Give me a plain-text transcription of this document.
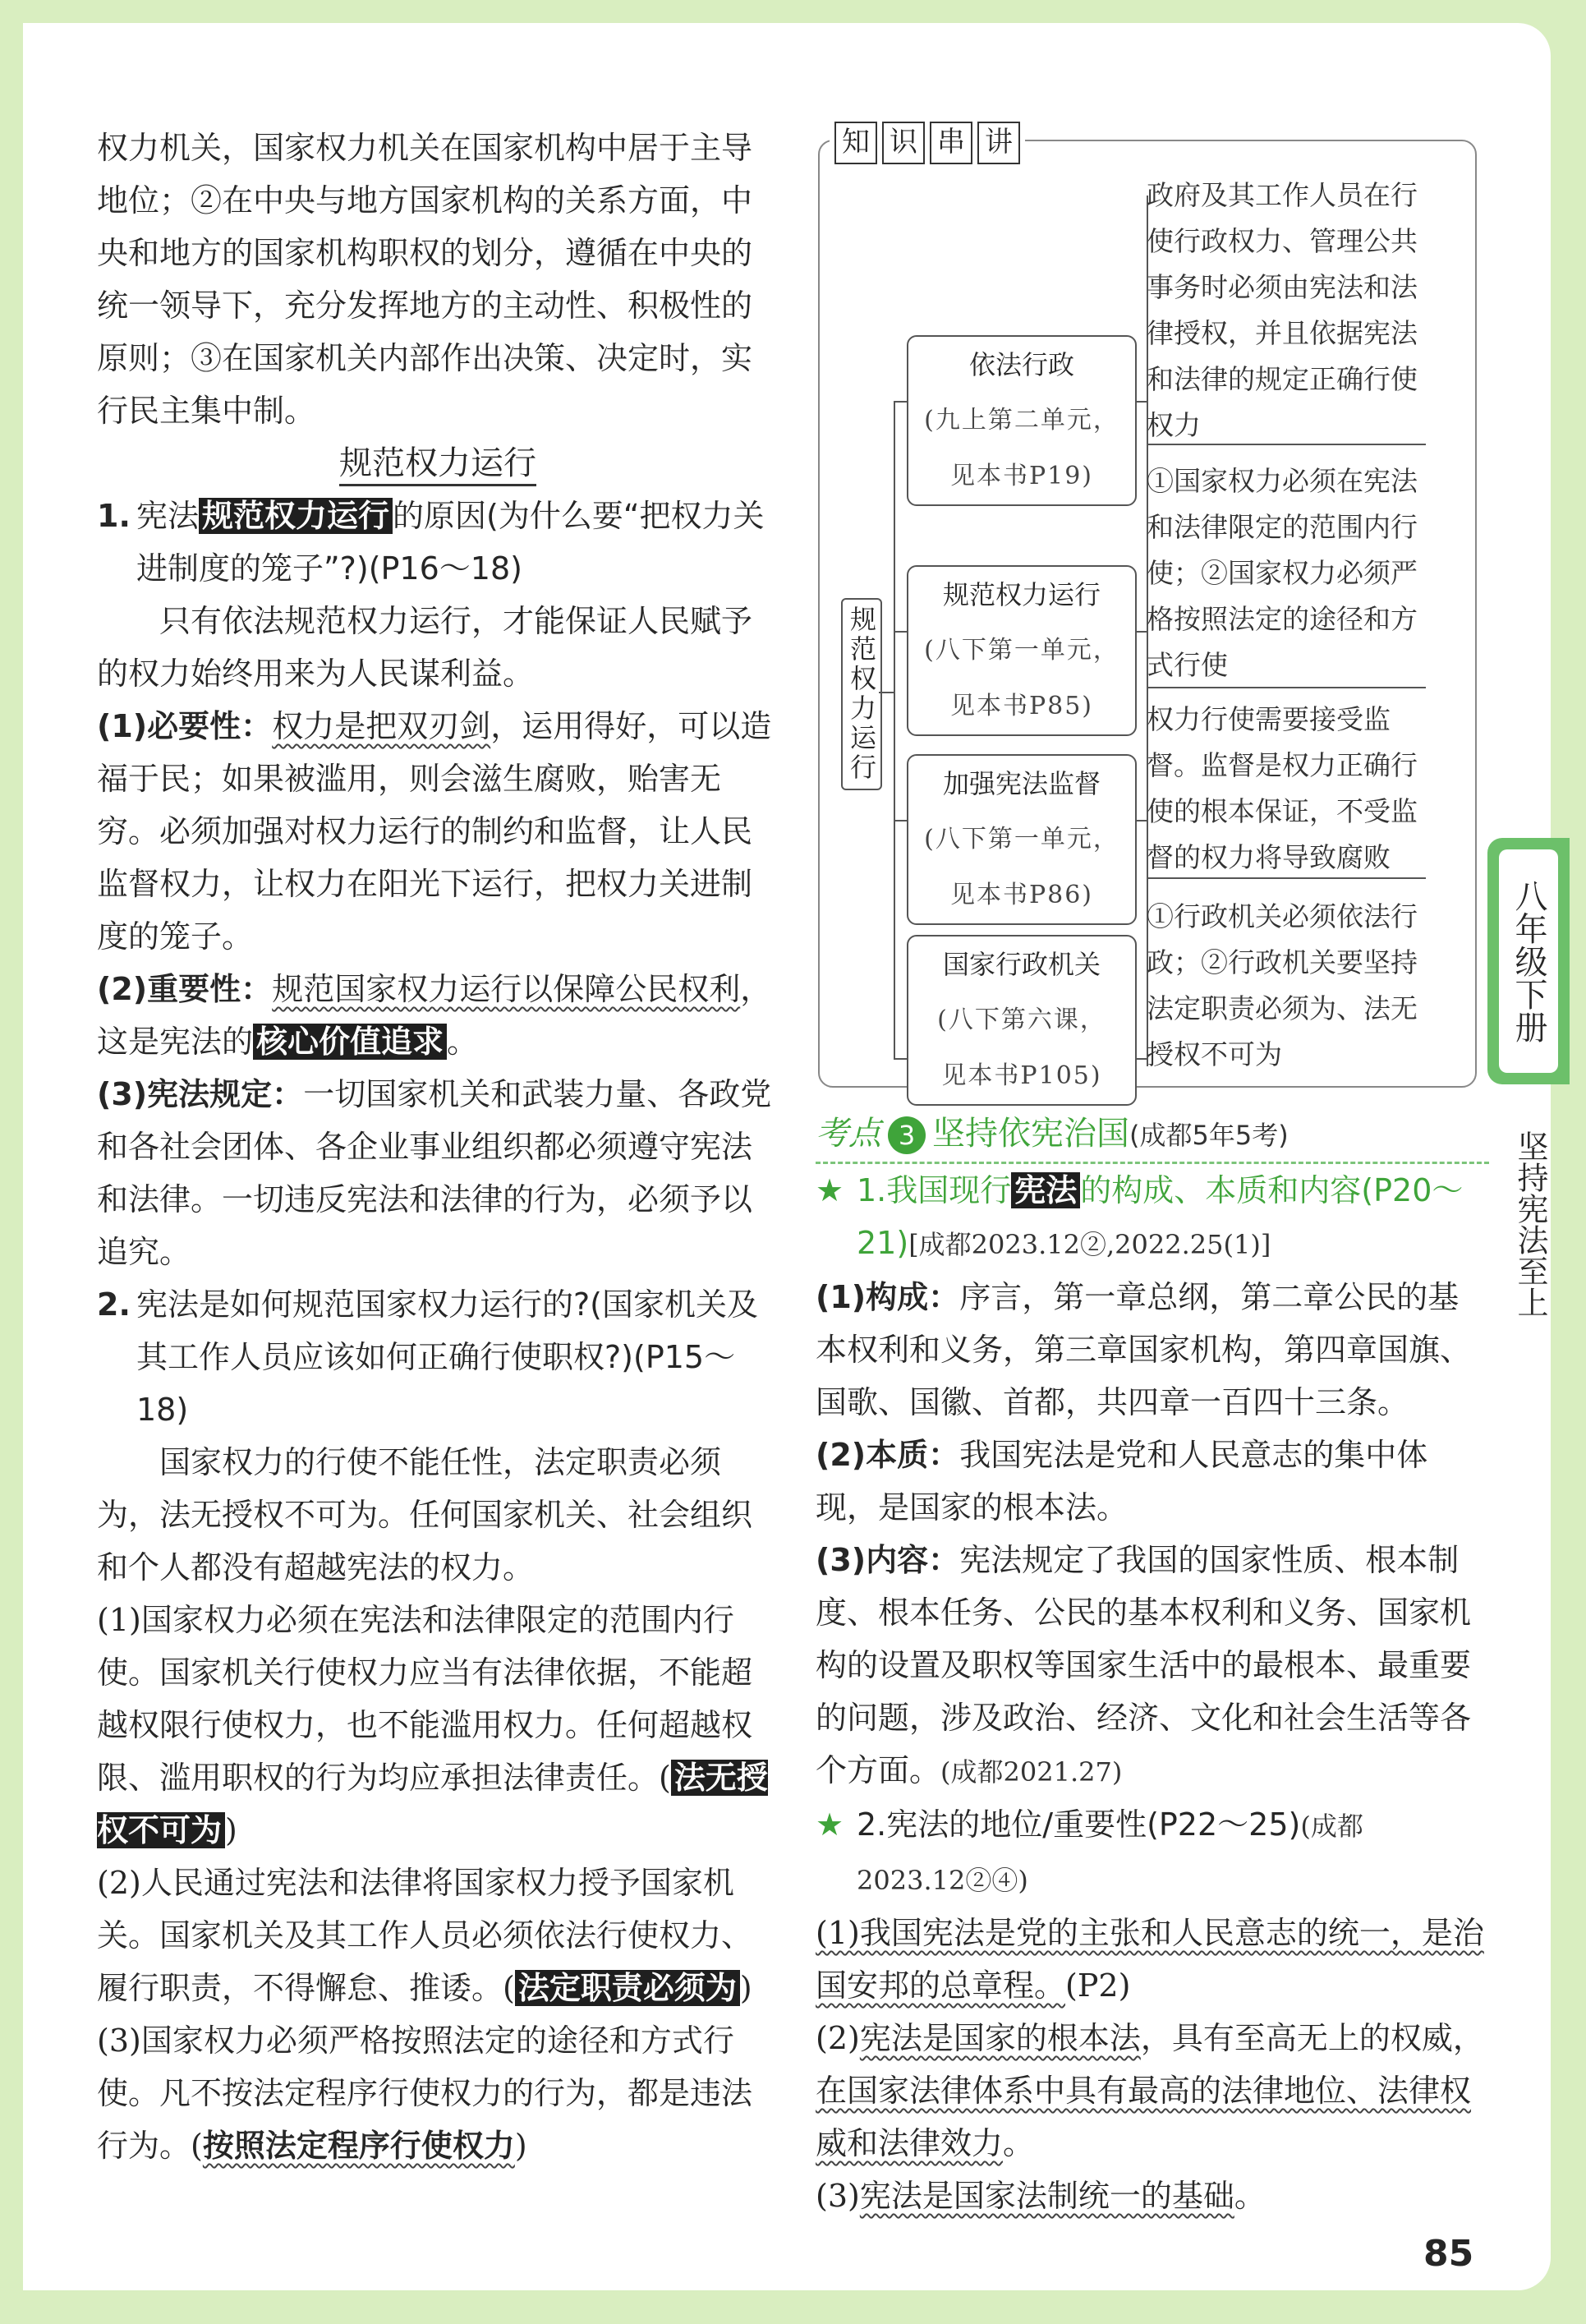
权力机关，国家权力机关在国家机构中居于主导地位；②在中央与地方国家机构的关系方面，中央和地方的国家机构职权的划分，遵循在中央的统一领导下，充分发挥地方的主动性、积极性的原则；③在国家机关内部作出决策、决定时，实行民主集中制。

规范权力运行

1. 宪法 规范权力运行 的原因(为什么要“把权力关进制度的笼子”?)(P16～18)

只有依法规范权力运行，才能保证人民赋予的权力始终用来为人民谋利益。

(1)必要性：权力是把双刃剑，运用得好，可以造福于民；如果被滥用，则会滋生腐败，贻害无穷。必须加强对权力运行的制约和监督，让人民监督权力，让权力在阳光下运行，把权力关进制度的笼子。

(2)重要性：规范国家权力运行以保障公民权利，这是宪法的 核心价值追求 。

(3)宪法规定：一切国家机关和武装力量、各政党和各社会团体、各企业事业组织都必须遵守宪法和法律。一切违反宪法和法律的行为，必须予以追究。

2. 宪法是如何规范国家权力运行的?(国家机关及其工作人员应该如何正确行使职权?)(P15～18)

国家权力的行使不能任性，法定职责必须为，法无授权不可为。任何国家机关、社会组织和个人都没有超越宪法的权力。

(1)国家权力必须在宪法和法律限定的范围内行使。国家机关行使权力应当有法律依据，不能超越权限行使权力，也不能滥用权力。任何超越权限、滥用职权的行为均应承担法律责任。( 法无授权不可为 )

(2)人民通过宪法和法律将国家权力授予国家机关。国家机关及其工作人员必须依法行使权力、履行职责，不得懈怠、推诿。( 法定职责必须为 )

(3)国家权力必须严格按照法定的途径和方式行使。凡不按法定程序行使权力的行为，都是违法行为。(按照法定程序行使权力)

知 识 串 讲
规范权力运行
依法行政
(九上第二单元，
见本书P19)
政府及其工作人员在行使行政权力、管理公共事务时必须由宪法和法律授权，并且依据宪法和法律的规定正确行使权力
规范权力运行
(八下第一单元，
见本书P85)
①国家权力必须在宪法和法律限定的范围内行使；②国家权力必须严格按照法定的途径和方式行使
加强宪法监督
(八下第一单元，
见本书P86)
权力行使需要接受监督。监督是权力正确行使的根本保证，不受监督的权力将导致腐败
国家行政机关
(八下第六课，
见本书P105)
①行政机关必须依法行政；②行政机关要坚持法定职责必须为、法无授权不可为

考点 3 坚持依宪治国(成都5年5考)

★ 1.我国现行 宪法 的构成、本质和内容(P20～21)[成都2023.12②,2022.25(1)]

(1)构成：序言，第一章总纲，第二章公民的基本权利和义务，第三章国家机构，第四章国旗、国歌、国徽、首都，共四章一百四十三条。

(2)本质：我国宪法是党和人民意志的集中体现，是国家的根本法。

(3)内容：宪法规定了我国的国家性质、根本制度、根本任务、公民的基本权利和义务、国家机构的设置及职权等国家生活中的最根本、最重要的问题，涉及政治、经济、文化和社会生活等各个方面。(成都2021.27)

★ 2.宪法的地位/重要性(P22～25)(成都2023.12②④)

(1)我国宪法是党的主张和人民意志的统一，是治国安邦的总章程。(P2)

(2)宪法是国家的根本法，具有至高无上的权威，在国家法律体系中具有最高的法律地位、法律权威和法律效力。

(3)宪法是国家法制统一的基础。

85
八年级下册
坚持宪法至上
